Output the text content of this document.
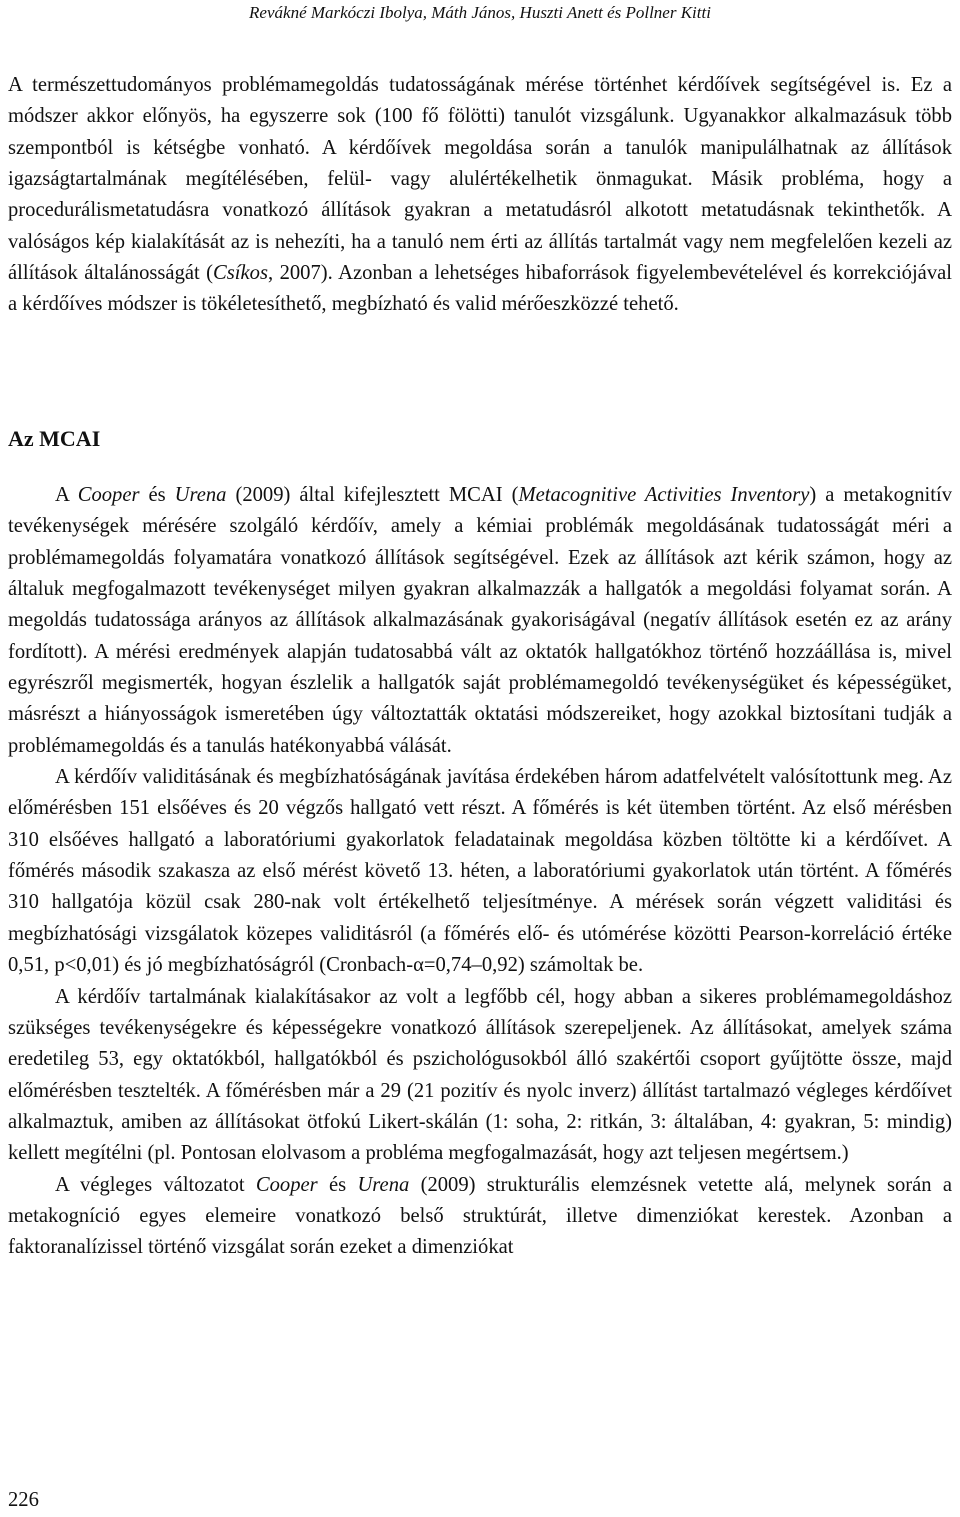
Revákné Markóczi Ibolya, Máth János, Huszti Anett és Pollner Kitti

A természettudományos problémamegoldás tudatosságának mérése történhet kérdőívek segítségével is. Ez a módszer akkor előnyös, ha egyszerre sok (100 fő fölötti) tanulót vizsgálunk. Ugyanakkor alkalmazásuk több szempontból is kétségbe vonható. A kérdőívek megoldása során a tanulók manipulálhatnak az állítások igazságtartalmának megítélésében, felül- vagy alulértékelhetik önmagukat. Másik probléma, hogy a procedurálismetatudásra vonatkozó állítások gyakran a metatudásról alkotott metatudásnak tekinthetők. A valóságos kép kialakítását az is nehezíti, ha a tanuló nem érti az állítás tartalmát vagy nem megfelelően kezeli az állítások általánosságát (Csíkos, 2007). Azonban a lehetséges hibaforrások figyelembevételével és korrekciójával a kérdőíves módszer is tökéletesíthető, megbízható és valid mérőeszközzé tehető.

Az MCAI

A Cooper és Urena (2009) által kifejlesztett MCAI (Metacognitive Activities Inventory) a metakognitív tevékenységek mérésére szolgáló kérdőív, amely a kémiai problémák megoldásának tudatosságát méri a problémamegoldás folyamatára vonatkozó állítások segítségével. Ezek az állítások azt kérik számon, hogy az általuk megfogalmazott tevékenységet milyen gyakran alkalmazzák a hallgatók a megoldási folyamat során. A megoldás tudatossága arányos az állítások alkalmazásának gyakoriságával (negatív állítások esetén ez az arány fordított). A mérési eredmények alapján tudatosabbá vált az oktatók hallgatókhoz történő hozzáállása is, mivel egyrészről megismerték, hogyan észlelik a hallgatók saját problémamegoldó tevékenységüket és képességüket, másrészt a hiányosságok ismeretében úgy változtatták oktatási módszereiket, hogy azokkal biztosítani tudják a problémamegoldás és a tanulás hatékonyabbá válását.

A kérdőív validitásának és megbízhatóságának javítása érdekében három adatfelvételt valósítottunk meg. Az előmérésben 151 elsőéves és 20 végzős hallgató vett részt. A főmérés is két ütemben történt. Az első mérésben 310 elsőéves hallgató a laboratóriumi gyakorlatok feladatainak megoldása közben töltötte ki a kérdőívet. A főmérés második szakasza az első mérést követő 13. héten, a laboratóriumi gyakorlatok után történt. A főmérés 310 hallgatója közül csak 280-nak volt értékelhető teljesítménye. A mérések során végzett validitási és megbízhatósági vizsgálatok közepes validitásról (a főmérés elő- és utómérése közötti Pearson-korreláció értéke 0,51, p<0,01) és jó megbízhatóságról (Cronbach-α=0,74–0,92) számoltak be.

A kérdőív tartalmának kialakításakor az volt a legfőbb cél, hogy abban a sikeres problémamegoldáshoz szükséges tevékenységekre és képességekre vonatkozó állítások szerepeljenek. Az állításokat, amelyek száma eredetileg 53, egy oktatókból, hallgatókból és pszichológusokból álló szakértői csoport gyűjtötte össze, majd előmérésben tesztelték. A főmérésben már a 29 (21 pozitív és nyolc inverz) állítást tartalmazó végleges kérdőívet alkalmaztuk, amiben az állításokat ötfokú Likert-skálán (1: soha, 2: ritkán, 3: általában, 4: gyakran, 5: mindig) kellett megítélni (pl. Pontosan elolvasom a probléma megfogalmazását, hogy azt teljesen megértsem.)

A végleges változatot Cooper és Urena (2009) strukturális elemzésnek vetette alá, melynek során a metakogníció egyes elemeire vonatkozó belső struktúrát, illetve dimenziókat kerestek. Azonban a faktoranalízissel történő vizsgálat során ezeket a dimenziókat

226
